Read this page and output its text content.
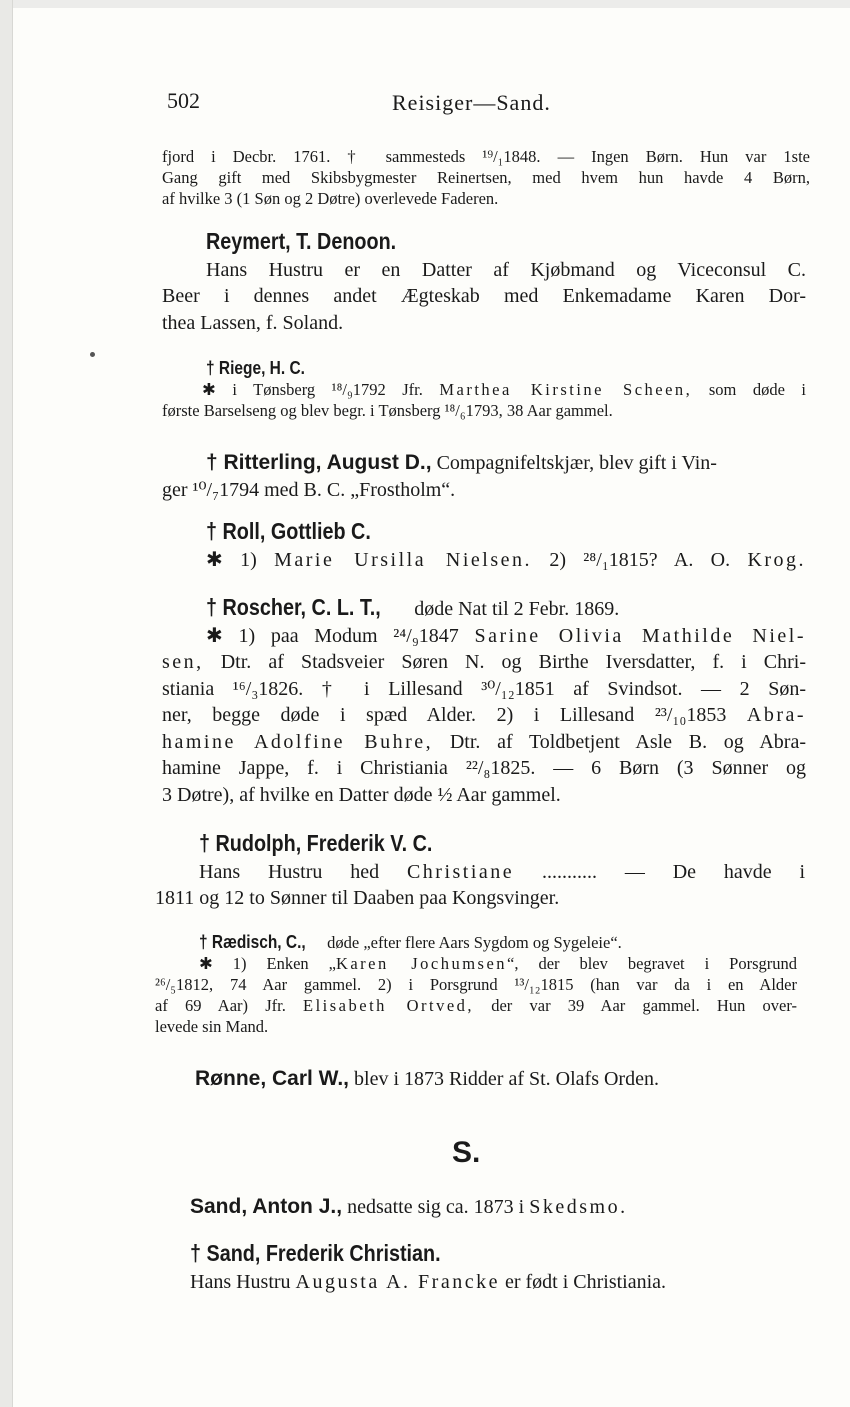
502	Reisiger—Sand.
fjord i Decbr. 1761. † sammesteds ¹⁹/₁1848. — Ingen Børn. Hun var 1ste
Gang gift med Skibsbygmester Reinertsen, med hvem hun havde 4 Børn,
af hvilke 3 (1 Søn og 2 Døtre) overlevede Faderen.
Reymert, T. Denoon.
Hans Hustru er en Datter af Kjøbmand og Viceconsul C.
Beer i dennes andet Ægteskab med Enkemadame Karen Dor-
thea Lassen, f. Soland.
† Riege, H. C.
✱ i Tønsberg ¹⁸/₉1792 Jfr. Marthea Kirstine Scheen, som døde i
første Barselseng og blev begr. i Tønsberg ¹⁸/₆1793, 38 Aar gammel.
† Ritterling, August D., Compagnifeltskjær, blev gift i Vin-
ger ¹⁰/₇1794 med B. C. „Frostholm“.
† Roll, Gottlieb C.
✱ 1) Marie Ursilla Nielsen. 2) ²⁸/₁1815? A. O. Krog.
† Roscher, C. L. T., døde Nat til 2 Febr. 1869.
✱ 1) paa Modum ²⁴/₉1847 Sarine Olivia Mathilde Niel-
sen, Dtr. af Stadsveier Søren N. og Birthe Iversdatter, f. i Chri-
stiania ¹⁶/₃1826. † i Lillesand ³⁰/₁₂1851 af Svindsot. — 2 Søn-
ner, begge døde i spæd Alder. 2) i Lillesand ²³/₁₀1853 Abra-
hamine Adolfine Buhre, Dtr. af Toldbetjent Asle B. og Abra-
hamine Jappe, f. i Christiania ²²/₈1825. — 6 Børn (3 Sønner og
3 Døtre), af hvilke en Datter døde ½ Aar gammel.
† Rudolph, Frederik V. C.
Hans Hustru hed Christiane ........... — De havde i
1811 og 12 to Sønner til Daaben paa Kongsvinger.
† Rædisch, C., døde „efter flere Aars Sygdom og Sygeleie“.
✱ 1) Enken „Karen Jochumsen“, der blev begravet i Porsgrund
²⁶/₅1812, 74 Aar gammel. 2) i Porsgrund ¹³/₁₂1815 (han var da i en Alder
af 69 Aar) Jfr. Elisabeth Ortved, der var 39 Aar gammel. Hun over-
levede sin Mand.
Rønne, Carl W., blev i 1873 Ridder af St. Olafs Orden.
S.
Sand, Anton J., nedsatte sig ca. 1873 i Skedsmo.
† Sand, Frederik Christian.
Hans Hustru Augusta A. Francke er født i Christiania.
